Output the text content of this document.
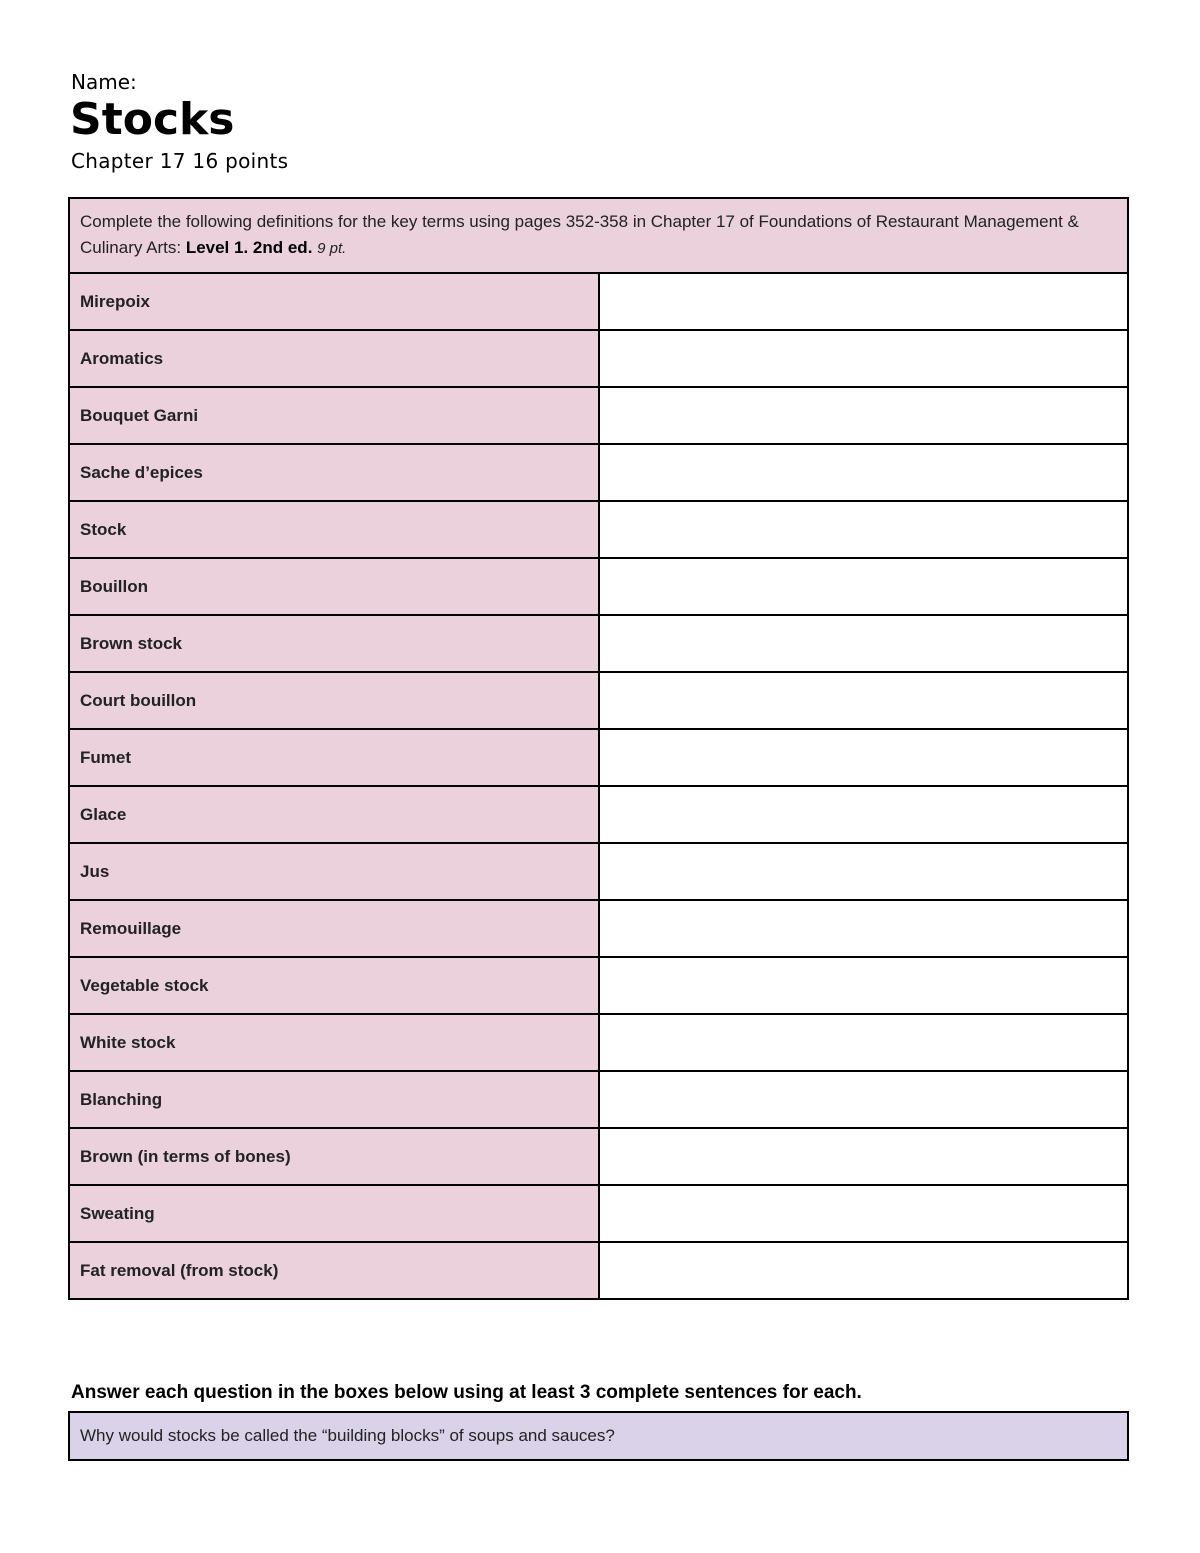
Name:
Stocks
Chapter 17 16 points
Complete the following definitions for the key terms using pages 352-358 in Chapter 17 of Foundations of Restaurant Management & Culinary Arts: Level 1. 2nd ed. 9 pt.	
Mirepoix	
Aromatics	
Bouquet Garni	
Sache d’epices	
Stock	
Bouillon	
Brown stock	
Court bouillon	
Fumet	
Glace	
Jus	
Remouillage	
Vegetable stock	
White stock	
Blanching	
Brown (in terms of bones)	
Sweating	
Fat removal (from stock)	
Answer each question in the boxes below using at least 3 complete sentences for each.
Why would stocks be called the “building blocks” of soups and sauces?
